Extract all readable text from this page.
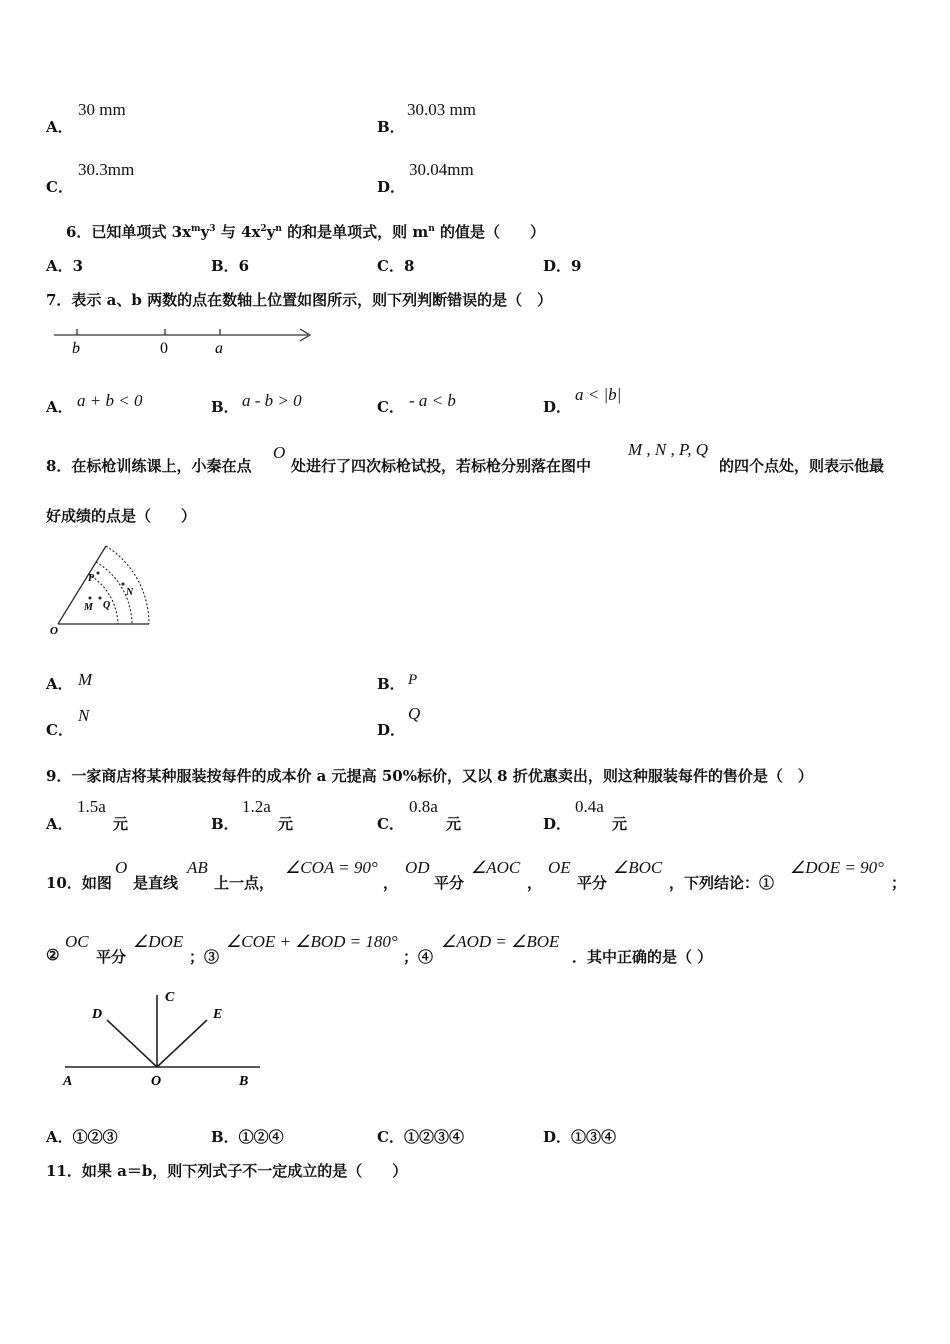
A．
30 mm
B．
30.03 mm
C．
30.3mm
D．
30.04mm
6．已知单项式 $3x^my^3$ 与 $4x^2y^n$ 的和是单项式，则 $m^n$ 的值是（　　）
A．3	B．6	C．8	D．9
7．表示 a、b 两数的点在数轴上位置如图所示，则下列判断错误的是（　）
b	0	a
A． a + b < 0	B． a - b > 0	C． - a < b	D．
a < |b|
8．在标枪训练课上，小秦在点
O
处进行了四次标枪试投，若标枪分别落在图中
M , N , P, Q
的四个点处，则表示他最
好成绩的点是（　　）
O
P
M Q
N
A． M	B． P
C．
N
D．
Q
9．一家商店将某种服装按每件的成本价 a 元提高 50%标价，又以 8 折优惠卖出，则这种服装每件的售价是（　）
A．
1.5a
元	B．
1.2a
元	C．
0.8a
元	D．
0.4a
元
10．如图
O
是直线
AB
上一点，
∠COA = 90°
，
OD
平分
∠AOC
，
OE
平分
∠BOC
，下列结论：①
∠DOE = 90°
；
②
OC
平分
∠DOE
；③
∠COE + ∠BOD = 180°
；④
∠AOD = ∠BOE
．其中正确的是（ ）
A	O	B
C
D	E
A．①②③	B．①②④	C．①②③④	D．①③④
11．如果 a＝b，则下列式子不一定成立的是（　　）
